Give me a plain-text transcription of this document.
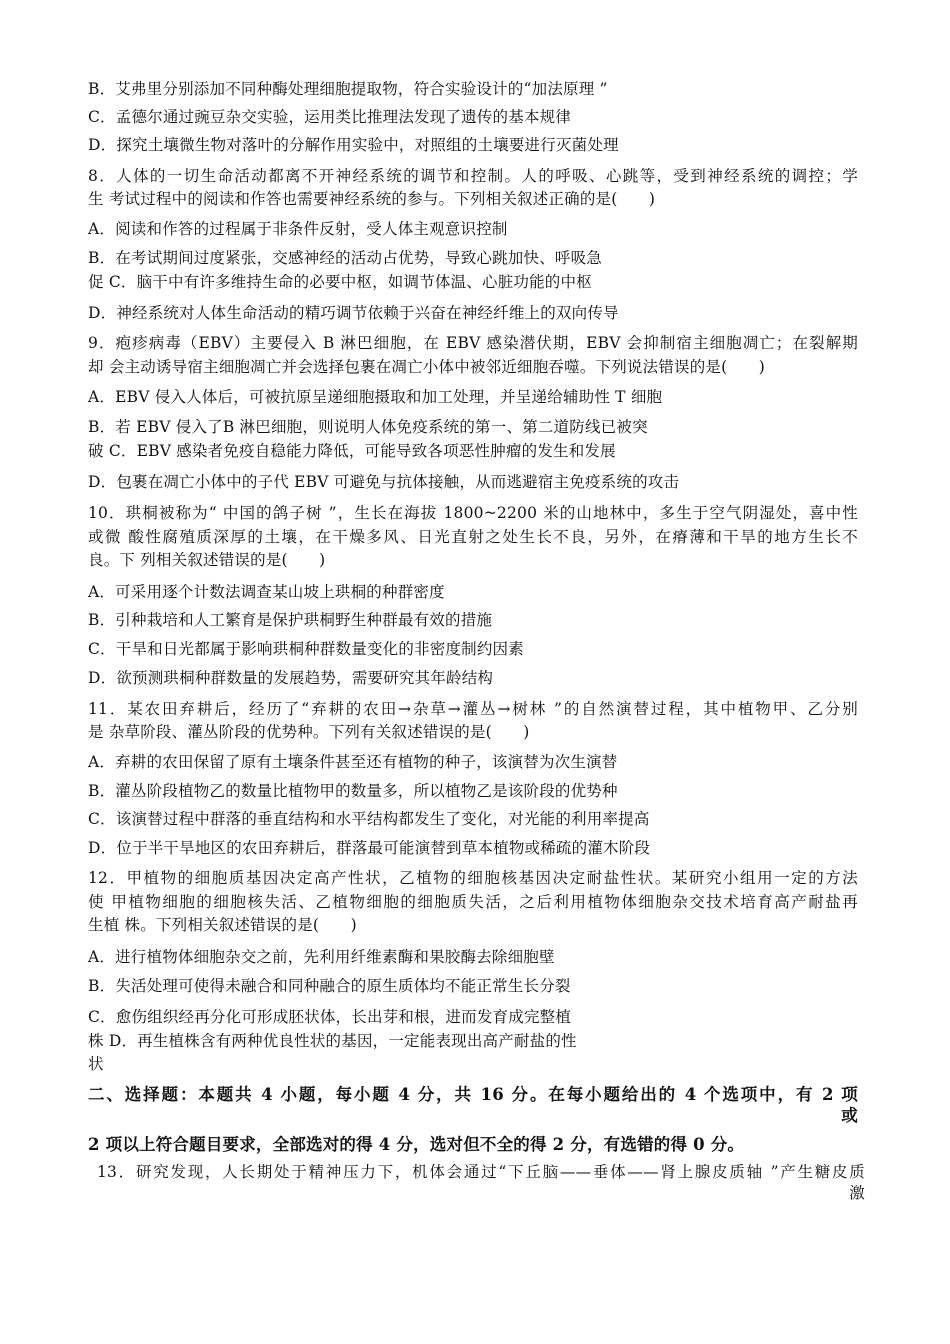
B．艾弗里分别添加不同种酶处理细胞提取物，符合实验设计的“加法原理 ”
C．孟德尔通过豌豆杂交实验，运用类比推理法发现了遗传的基本规律
D．探究土壤微生物对落叶的分解作用实验中，对照组的土壤要进行灭菌处理
8．人体的一切生命活动都离不开神经系统的调节和控制。人的呼吸、心跳等，受到神经系统的调控；学
生 考试过程中的阅读和作答也需要神经系统的参与。下列相关叙述正确的是(　　)
A．阅读和作答的过程属于非条件反射，受人体主观意识控制
B．在考试期间过度紧张，交感神经的活动占优势，导致心跳加快、呼吸急
促 C．脑干中有许多维持生命的必要中枢，如调节体温、心脏功能的中枢
D．神经系统对人体生命活动的精巧调节依赖于兴奋在神经纤维上的双向传导
9．疱疹病毒（EBV）主要侵入 B 淋巴细胞，在 EBV 感染潜伏期，EBV 会抑制宿主细胞凋亡；在裂解期
却 会主动诱导宿主细胞凋亡并会选择包裹在凋亡小体中被邻近细胞吞噬。下列说法错误的是(　　)
A．EBV 侵入人体后，可被抗原呈递细胞摄取和加工处理，并呈递给辅助性 T 细胞
B．若 EBV 侵入了B 淋巴细胞，则说明人体免疫系统的第一、第二道防线已被突
破 C．EBV 感染者免疫自稳能力降低，可能导致各项恶性肿瘤的发生和发展
D．包裹在凋亡小体中的子代 EBV 可避免与抗体接触，从而逃避宿主免疫系统的攻击
10．珙桐被称为“ 中国的鸽子树 ”，生长在海拔 1800~2200 米的山地林中，多生于空气阴湿处，喜中性
或微 酸性腐殖质深厚的土壤，在干燥多风、日光直射之处生长不良，另外，在瘠薄和干旱的地方生长不
良。下 列相关叙述错误的是(　　)
A．可采用逐个计数法调查某山坡上珙桐的种群密度
B．引种栽培和人工繁育是保护珙桐野生种群最有效的措施
C．干旱和日光都属于影响珙桐种群数量变化的非密度制约因素
D．欲预测珙桐种群数量的发展趋势，需要研究其年龄结构
11．某农田弃耕后，经历了“弃耕的农田→杂草→灌丛→树林 ”的自然演替过程，其中植物甲、乙分别
是 杂草阶段、灌丛阶段的优势种。下列有关叙述错误的是(　　)
A．弃耕的农田保留了原有土壤条件甚至还有植物的种子，该演替为次生演替
B．灌丛阶段植物乙的数量比植物甲的数量多，所以植物乙是该阶段的优势种
C．该演替过程中群落的垂直结构和水平结构都发生了变化，对光能的利用率提高
D．位于半干旱地区的农田弃耕后，群落最可能演替到草本植物或稀疏的灌木阶段
12．甲植物的细胞质基因决定高产性状，乙植物的细胞核基因决定耐盐性状。某研究小组用一定的方法
使 甲植物细胞的细胞核失活、乙植物细胞的细胞质失活，之后利用植物体细胞杂交技术培育高产耐盐再
生植 株。下列相关叙述错误的是(　　)
A．进行植物体细胞杂交之前，先利用纤维素酶和果胶酶去除细胞壁
B．失活处理可使得未融合和同种融合的原生质体均不能正常生长分裂
C．愈伤组织经再分化可形成胚状体，长出芽和根，进而发育成完整植
株 D．再生植株含有两种优良性状的基因，一定能表现出高产耐盐的性
状
二、选择题：本题共 4 小题，每小题 4 分，共 16 分。在每小题给出的 4 个选项中，有 2 项
或
2 项以上符合题目要求，全部选对的得 4 分，选对但不全的得 2 分，有选错的得 0 分。
13．研究发现，人长期处于精神压力下，机体会通过“下丘脑——垂体——肾上腺皮质轴 ”产生糖皮质
激
